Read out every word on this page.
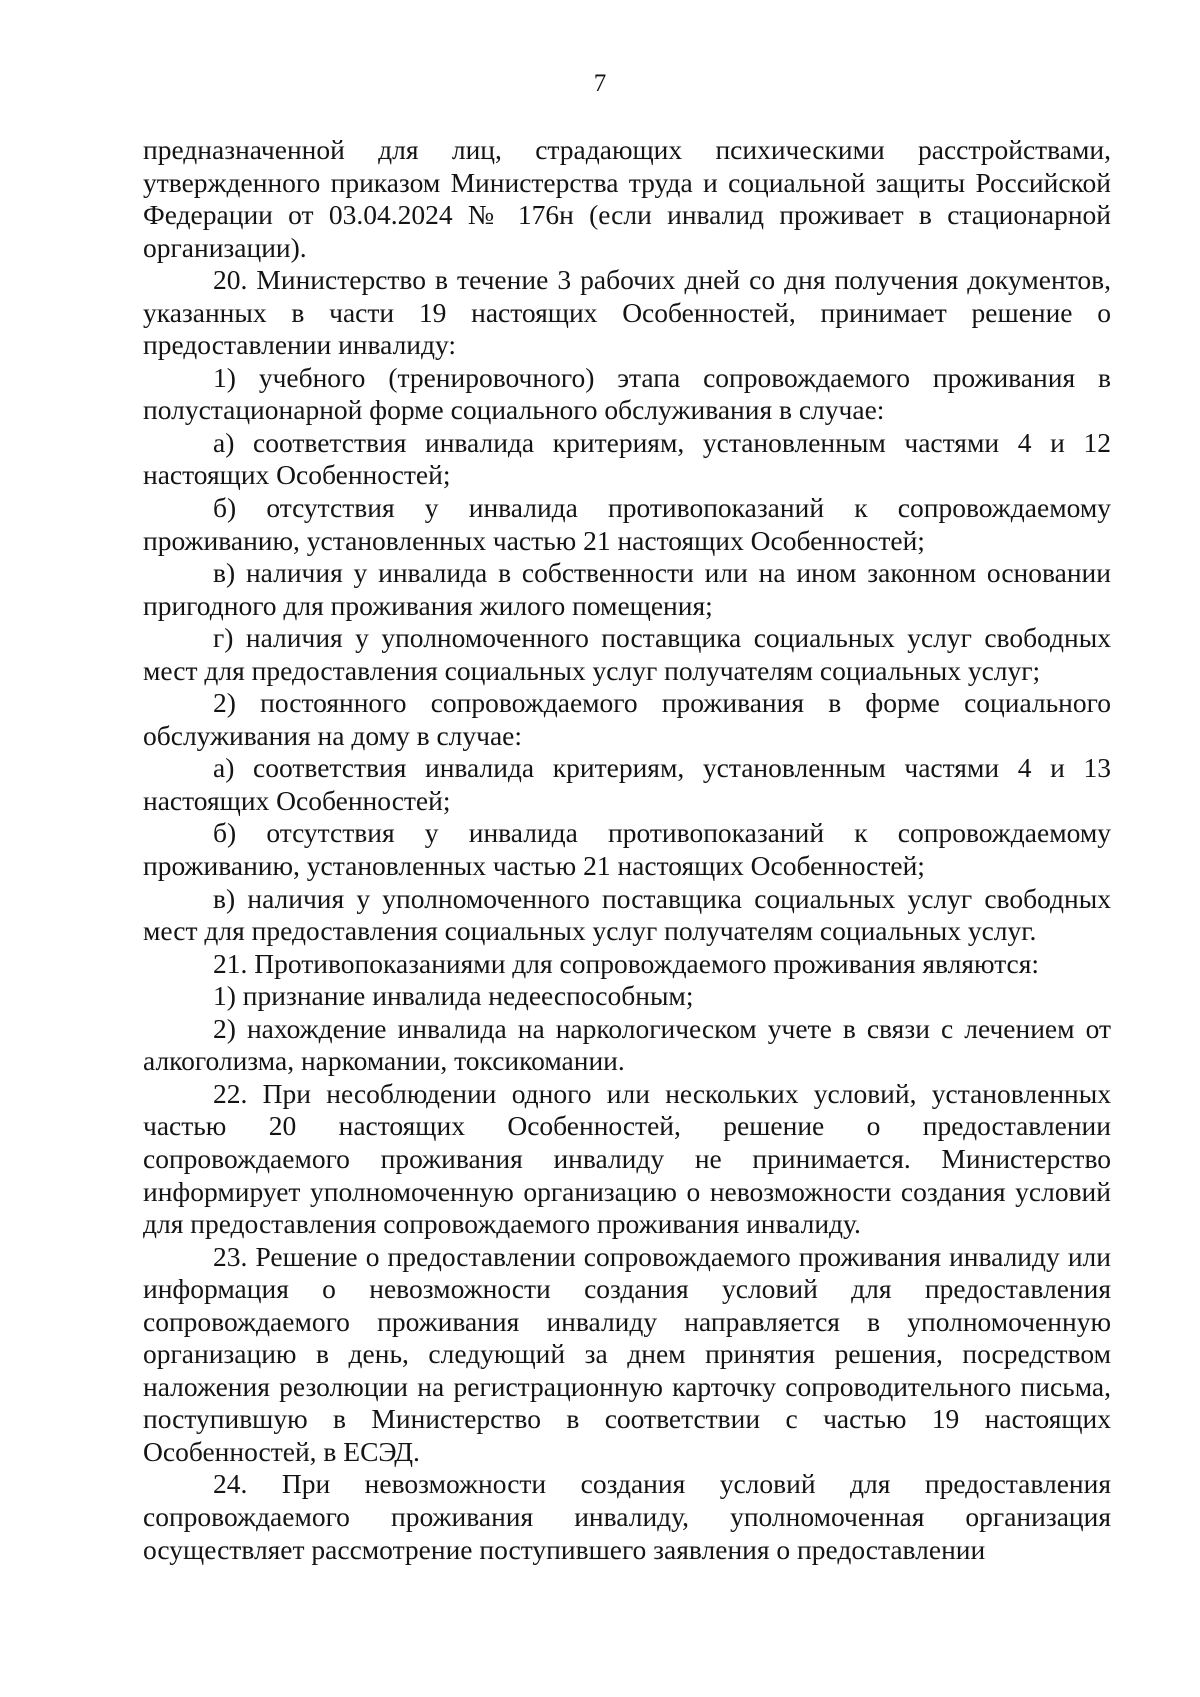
7

предназначенной для лиц, страдающих психическими расстройствами, утвержденного приказом Министерства труда и социальной защиты Российской Федерации от 03.04.2024 № 176н (если инвалид проживает в стационарной организации).

20. Министерство в течение 3 рабочих дней со дня получения документов, указанных в части 19 настоящих Особенностей, принимает решение о предоставлении инвалиду:

1) учебного (тренировочного) этапа сопровождаемого проживания в полустационарной форме социального обслуживания в случае:

а) соответствия инвалида критериям, установленным частями 4 и 12 настоящих Особенностей;

б) отсутствия у инвалида противопоказаний к сопровождаемому проживанию, установленных частью 21 настоящих Особенностей;

в) наличия у инвалида в собственности или на ином законном основании пригодного для проживания жилого помещения;

г) наличия у уполномоченного поставщика социальных услуг свободных мест для предоставления социальных услуг получателям социальных услуг;

2) постоянного сопровождаемого проживания в форме социального обслуживания на дому в случае:

а) соответствия инвалида критериям, установленным частями 4 и 13 настоящих Особенностей;

б) отсутствия у инвалида противопоказаний к сопровождаемому проживанию, установленных частью 21 настоящих Особенностей;

в) наличия у уполномоченного поставщика социальных услуг свободных мест для предоставления социальных услуг получателям социальных услуг.

21. Противопоказаниями для сопровождаемого проживания являются:

1) признание инвалида недееспособным;

2) нахождение инвалида на наркологическом учете в связи с лечением от алкоголизма, наркомании, токсикомании.

22. При несоблюдении одного или нескольких условий, установленных частью 20 настоящих Особенностей, решение о предоставлении сопровождаемого проживания инвалиду не принимается. Министерство информирует уполномоченную организацию о невозможности создания условий для предоставления сопровождаемого проживания инвалиду.

23. Решение о предоставлении сопровождаемого проживания инвалиду или информация о невозможности создания условий для предоставления сопровождаемого проживания инвалиду направляется в уполномоченную организацию в день, следующий за днем принятия решения, посредством наложения резолюции на регистрационную карточку сопроводительного письма, поступившую в Министерство в соответствии с частью 19 настоящих Особенностей, в ЕСЭД.

24. При невозможности создания условий для предоставления сопровождаемого проживания инвалиду, уполномоченная организация осуществляет рассмотрение поступившего заявления о предоставлении
